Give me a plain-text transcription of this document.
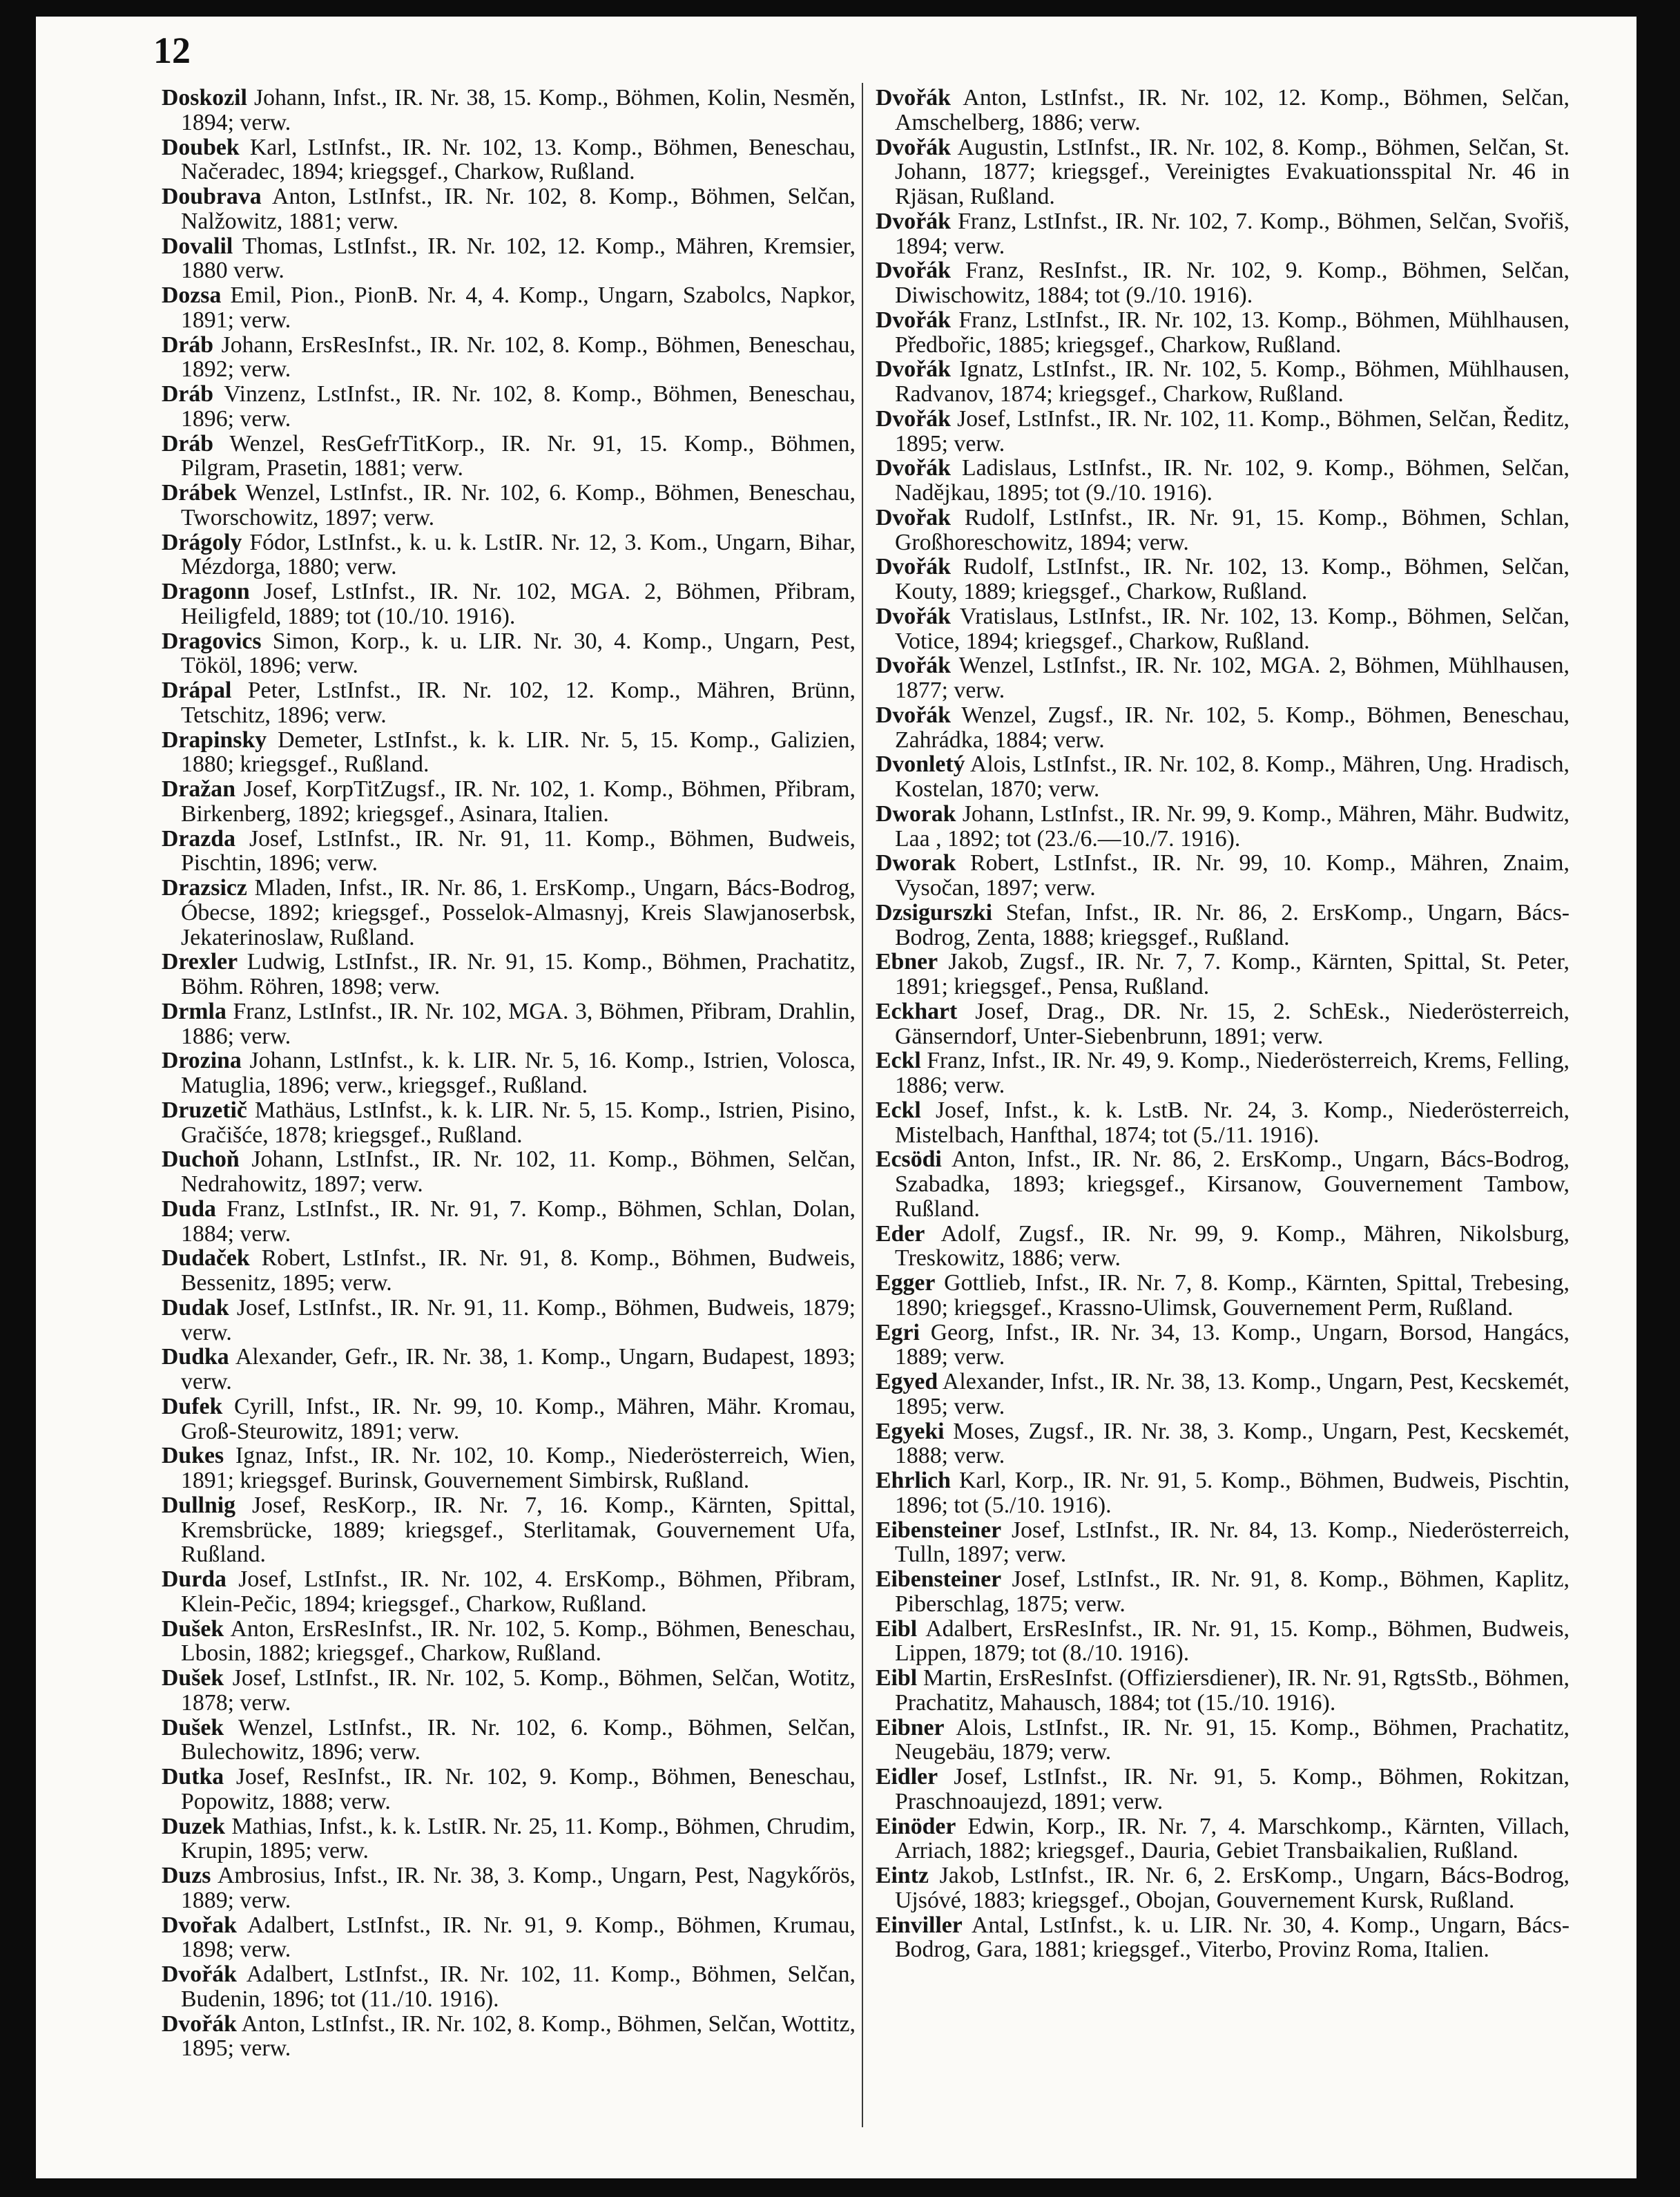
12

Doskozil Johann, Infst., IR. Nr. 38, 15. Komp., Böhmen, Kolin, Nesměn, 1894; verw.

Doubek Karl, LstInfst., IR. Nr. 102, 13. Komp., Böhmen, Beneschau, Načeradec, 1894; kriegsgef., Charkow, Rußland.

Doubrava Anton, LstInfst., IR. Nr. 102, 8. Komp., Böhmen, Selčan, Nalžowitz, 1881; verw.

Dovalil Thomas, LstInfst., IR. Nr. 102, 12. Komp., Mähren, Kremsier, 1880 verw.

Dozsa Emil, Pion., PionB. Nr. 4, 4. Komp., Ungarn, Szabolcs, Napkor, 1891; verw.

Dráb Johann, ErsResInfst., IR. Nr. 102, 8. Komp., Böhmen, Beneschau, 1892; verw.

Dráb Vinzenz, LstInfst., IR. Nr. 102, 8. Komp., Böhmen, Beneschau, 1896; verw.

Dráb Wenzel, ResGefrTitKorp., IR. Nr. 91, 15. Komp., Böhmen, Pilgram, Prasetin, 1881; verw.

Drábek Wenzel, LstInfst., IR. Nr. 102, 6. Komp., Böhmen, Beneschau, Tworschowitz, 1897; verw.

Drágoly Fódor, LstInfst., k. u. k. LstIR. Nr. 12, 3. Kom., Ungarn, Bihar, Mézdorga, 1880; verw.

Dragonn Josef, LstInfst., IR. Nr. 102, MGA. 2, Böhmen, Přibram, Heiligfeld, 1889; tot (10./10. 1916).

Dragovics Simon, Korp., k. u. LIR. Nr. 30, 4. Komp., Ungarn, Pest, Tököl, 1896; verw.

Drápal Peter, LstInfst., IR. Nr. 102, 12. Komp., Mähren, Brünn, Tetschitz, 1896; verw.

Drapinsky Demeter, LstInfst., k. k. LIR. Nr. 5, 15. Komp., Galizien, 1880; kriegsgef., Rußland.

Dražan Josef, KorpTitZugsf., IR. Nr. 102, 1. Komp., Böhmen, Přibram, Birkenberg, 1892; kriegsgef., Asinara, Italien.

Drazda Josef, LstInfst., IR. Nr. 91, 11. Komp., Böhmen, Budweis, Pischtin, 1896; verw.

Drazsicz Mladen, Infst., IR. Nr. 86, 1. ErsKomp., Ungarn, Bács-Bodrog, Óbecse, 1892; kriegsgef., Posselok-Almasnyj, Kreis Slawjanoserbsk, Jekaterinoslaw, Rußland.

Drexler Ludwig, LstInfst., IR. Nr. 91, 15. Komp., Böhmen, Prachatitz, Böhm. Röhren, 1898; verw.

Drmla Franz, LstInfst., IR. Nr. 102, MGA. 3, Böhmen, Přibram, Drahlin, 1886; verw.

Drozina Johann, LstInfst., k. k. LIR. Nr. 5, 16. Komp., Istrien, Volosca, Matuglia, 1896; verw., kriegsgef., Rußland.

Druzetič Mathäus, LstInfst., k. k. LIR. Nr. 5, 15. Komp., Istrien, Pisino, Gračišće, 1878; kriegsgef., Rußland.

Duchoň Johann, LstInfst., IR. Nr. 102, 11. Komp., Böhmen, Selčan, Nedrahowitz, 1897; verw.

Duda Franz, LstInfst., IR. Nr. 91, 7. Komp., Böhmen, Schlan, Dolan, 1884; verw.

Dudaček Robert, LstInfst., IR. Nr. 91, 8. Komp., Böhmen, Budweis, Bessenitz, 1895; verw.

Dudak Josef, LstInfst., IR. Nr. 91, 11. Komp., Böhmen, Budweis, 1879; verw.

Dudka Alexander, Gefr., IR. Nr. 38, 1. Komp., Ungarn, Budapest, 1893; verw.

Dufek Cyrill, Infst., IR. Nr. 99, 10. Komp., Mähren, Mähr. Kromau, Groß-Steurowitz, 1891; verw.

Dukes Ignaz, Infst., IR. Nr. 102, 10. Komp., Niederösterreich, Wien, 1891; kriegsgef. Burinsk, Gouvernement Simbirsk, Rußland.

Dullnig Josef, ResKorp., IR. Nr. 7, 16. Komp., Kärnten, Spittal, Kremsbrücke, 1889; kriegsgef., Sterlitamak, Gouvernement Ufa, Rußland.

Durda Josef, LstInfst., IR. Nr. 102, 4. ErsKomp., Böhmen, Přibram, Klein-Pečic, 1894; kriegsgef., Charkow, Rußland.

Dušek Anton, ErsResInfst., IR. Nr. 102, 5. Komp., Böhmen, Beneschau, Lbosin, 1882; kriegsgef., Charkow, Rußland.

Dušek Josef, LstInfst., IR. Nr. 102, 5. Komp., Böhmen, Selčan, Wotitz, 1878; verw.

Dušek Wenzel, LstInfst., IR. Nr. 102, 6. Komp., Böhmen, Selčan, Bulechowitz, 1896; verw.

Dutka Josef, ResInfst., IR. Nr. 102, 9. Komp., Böhmen, Beneschau, Popowitz, 1888; verw.

Duzek Mathias, Infst., k. k. LstIR. Nr. 25, 11. Komp., Böhmen, Chrudim, Krupin, 1895; verw.

Duzs Ambrosius, Infst., IR. Nr. 38, 3. Komp., Ungarn, Pest, Nagykőrös, 1889; verw.

Dvořak Adalbert, LstInfst., IR. Nr. 91, 9. Komp., Böhmen, Krumau, 1898; verw.

Dvořák Adalbert, LstInfst., IR. Nr. 102, 11. Komp., Böhmen, Selčan, Budenin, 1896; tot (11./10. 1916).

Dvořák Anton, LstInfst., IR. Nr. 102, 8. Komp., Böhmen, Selčan, Wottitz, 1895; verw.

Dvořák Anton, LstInfst., IR. Nr. 102, 12. Komp., Böhmen, Selčan, Amschelberg, 1886; verw.

Dvořák Augustin, LstInfst., IR. Nr. 102, 8. Komp., Böhmen, Selčan, St. Johann, 1877; kriegsgef., Vereinigtes Evakuationsspital Nr. 46 in Rjäsan, Rußland.

Dvořák Franz, LstInfst., IR. Nr. 102, 7. Komp., Böhmen, Selčan, Svořiš, 1894; verw.

Dvořák Franz, ResInfst., IR. Nr. 102, 9. Komp., Böhmen, Selčan, Diwischowitz, 1884; tot (9./10. 1916).

Dvořák Franz, LstInfst., IR. Nr. 102, 13. Komp., Böhmen, Mühlhausen, Předbořic, 1885; kriegsgef., Charkow, Rußland.

Dvořák Ignatz, LstInfst., IR. Nr. 102, 5. Komp., Böhmen, Mühlhausen, Radvanov, 1874; kriegsgef., Charkow, Rußland.

Dvořák Josef, LstInfst., IR. Nr. 102, 11. Komp., Böhmen, Selčan, Ředitz, 1895; verw.

Dvořák Ladislaus, LstInfst., IR. Nr. 102, 9. Komp., Böhmen, Selčan, Nadějkau, 1895; tot (9./10. 1916).

Dvořak Rudolf, LstInfst., IR. Nr. 91, 15. Komp., Böhmen, Schlan, Großhoreschowitz, 1894; verw.

Dvořák Rudolf, LstInfst., IR. Nr. 102, 13. Komp., Böhmen, Selčan, Kouty, 1889; kriegsgef., Charkow, Rußland.

Dvořák Vratislaus, LstInfst., IR. Nr. 102, 13. Komp., Böhmen, Selčan, Votice, 1894; kriegsgef., Charkow, Rußland.

Dvořák Wenzel, LstInfst., IR. Nr. 102, MGA. 2, Böhmen, Mühlhausen, 1877; verw.

Dvořák Wenzel, Zugsf., IR. Nr. 102, 5. Komp., Böhmen, Beneschau, Zahrádka, 1884; verw.

Dvonletý Alois, LstInfst., IR. Nr. 102, 8. Komp., Mähren, Ung. Hradisch, Kostelan, 1870; verw.

Dworak Johann, LstInfst., IR. Nr. 99, 9. Komp., Mähren, Mähr. Budwitz, Laa , 1892; tot (23./6.—10./7. 1916).

Dworak Robert, LstInfst., IR. Nr. 99, 10. Komp., Mähren, Znaim, Vysočan, 1897; verw.

Dzsigurszki Stefan, Infst., IR. Nr. 86, 2. ErsKomp., Ungarn, Bács-Bodrog, Zenta, 1888; kriegsgef., Rußland.

Ebner Jakob, Zugsf., IR. Nr. 7, 7. Komp., Kärnten, Spittal, St. Peter, 1891; kriegsgef., Pensa, Rußland.

Eckhart Josef, Drag., DR. Nr. 15, 2. SchEsk., Niederösterreich, Gänserndorf, Unter-Siebenbrunn, 1891; verw.

Eckl Franz, Infst., IR. Nr. 49, 9. Komp., Niederösterreich, Krems, Felling, 1886; verw.

Eckl Josef, Infst., k. k. LstB. Nr. 24, 3. Komp., Niederösterreich, Mistelbach, Hanfthal, 1874; tot (5./11. 1916).

Ecsödi Anton, Infst., IR. Nr. 86, 2. ErsKomp., Ungarn, Bács-Bodrog, Szabadka, 1893; kriegsgef., Kirsanow, Gouvernement Tambow, Rußland.

Eder Adolf, Zugsf., IR. Nr. 99, 9. Komp., Mähren, Nikolsburg, Treskowitz, 1886; verw.

Egger Gottlieb, Infst., IR. Nr. 7, 8. Komp., Kärnten, Spittal, Trebesing, 1890; kriegsgef., Krassno-Ulimsk, Gouvernement Perm, Rußland.

Egri Georg, Infst., IR. Nr. 34, 13. Komp., Ungarn, Borsod, Hangács, 1889; verw.

Egyed Alexander, Infst., IR. Nr. 38, 13. Komp., Ungarn, Pest, Kecskemét, 1895; verw.

Egyeki Moses, Zugsf., IR. Nr. 38, 3. Komp., Ungarn, Pest, Kecskemét, 1888; verw.

Ehrlich Karl, Korp., IR. Nr. 91, 5. Komp., Böhmen, Budweis, Pischtin, 1896; tot (5./10. 1916).

Eibensteiner Josef, LstInfst., IR. Nr. 84, 13. Komp., Niederösterreich, Tulln, 1897; verw.

Eibensteiner Josef, LstInfst., IR. Nr. 91, 8. Komp., Böhmen, Kaplitz, Piberschlag, 1875; verw.

Eibl Adalbert, ErsResInfst., IR. Nr. 91, 15. Komp., Böhmen, Budweis, Lippen, 1879; tot (8./10. 1916).

Eibl Martin, ErsResInfst. (Offiziersdiener), IR. Nr. 91, RgtsStb., Böhmen, Prachatitz, Mahausch, 1884; tot (15./10. 1916).

Eibner Alois, LstInfst., IR. Nr. 91, 15. Komp., Böhmen, Prachatitz, Neugebäu, 1879; verw.

Eidler Josef, LstInfst., IR. Nr. 91, 5. Komp., Böhmen, Rokitzan, Praschnoaujezd, 1891; verw.

Einöder Edwin, Korp., IR. Nr. 7, 4. Marschkomp., Kärnten, Villach, Arriach, 1882; kriegsgef., Dauria, Gebiet Transbaikalien, Rußland.

Eintz Jakob, LstInfst., IR. Nr. 6, 2. ErsKomp., Ungarn, Bács-Bodrog, Ujsóvé, 1883; kriegsgef., Obojan, Gouvernement Kursk, Rußland.

Einviller Antal, LstInfst., k. u. LIR. Nr. 30, 4. Komp., Ungarn, Bács-Bodrog, Gara, 1881; kriegsgef., Viterbo, Provinz Roma, Italien.
